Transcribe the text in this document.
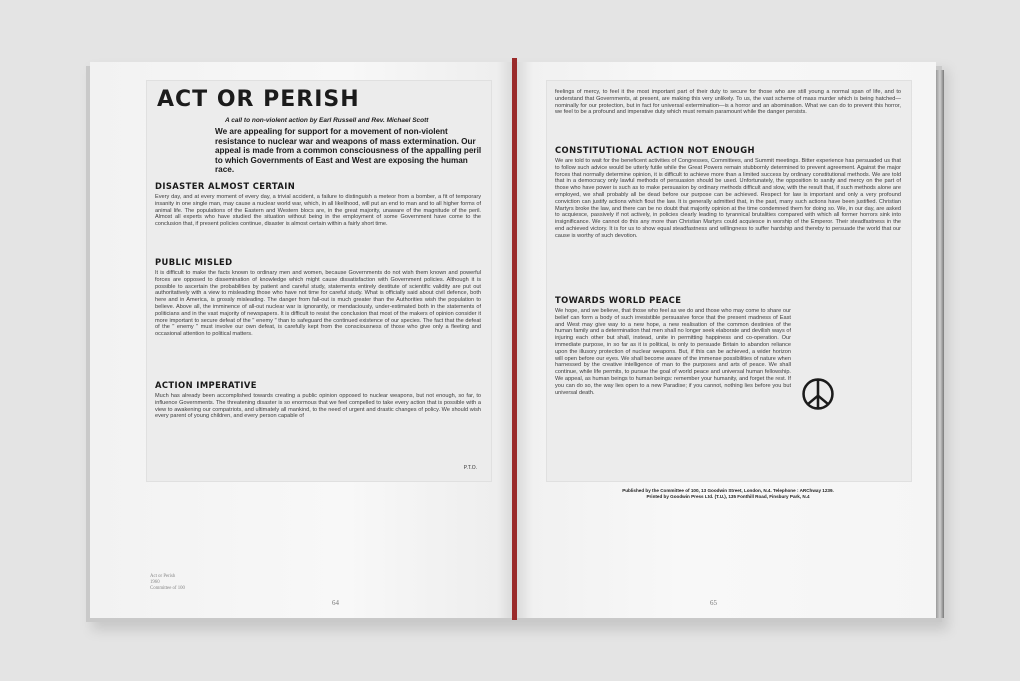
ACT OR PERISH
A call to non-violent action by Earl Russell and Rev. Michael Scott
We are appealing for support for a movement of non-violent resistance to nuclear war and weapons of mass extermination. Our appeal is made from a common consciousness of the appalling peril to which Governments of East and West are exposing the human race.
DISASTER ALMOST CERTAIN
Every day, and at every moment of every day, a trivial accident, a failure to distinguish a meteor from a bomber, a fit of temporary insanity in one single man, may cause a nuclear world war, which, in all likelihood, will put an end to man and to all higher forms of animal life. The populations of the Eastern and Western blocs are, in the great majority, unaware of the magnitude of the peril. Almost all experts who have studied the situation without being in the employment of some Government have come to the conclusion that, if present policies continue, disaster is almost certain within a fairly short time.
PUBLIC MISLED
It is difficult to make the facts known to ordinary men and women, because Governments do not wish them known and powerful forces are opposed to dissemination of knowledge which might cause dissatisfaction with Government policies. Although it is possible to ascertain the probabilities by patient and careful study, statements entirely destitute of scientific validity are put out authoritatively with a view to misleading those who have not time for careful study. What is officially said about civil defence, both here and in America, is grossly misleading. The danger from fall-out is much greater than the Authorities wish the population to believe. Above all, the imminence of all-out nuclear war is ignorantly, or mendaciously, under-estimated both in the statements of politicians and in the vast majority of newspapers. It is difficult to resist the conclusion that most of the makers of opinion consider it more important to secure defeat of the " enemy " than to safeguard the continued existence of our species. The fact that the defeat of the " enemy " must involve our own defeat, is carefully kept from the consciousness of those who give only a fleeting and occasional attention to political matters.
ACTION IMPERATIVE
Much has already been accomplished towards creating a public opinion opposed to nuclear weapons, but not enough, so far, to influence Governments. The threatening disaster is so enormous that we feel compelled to take every action that is possible with a view to awakening our compatriots, and ultimately all mankind, to the need of urgent and drastic changes of policy. We should wish every parent of young children, and every person capable of
P.T.O.
Act or Perish
1960
Committee of 100
64
feelings of mercy, to feel it the most important part of their duty to secure for those who are still young a normal span of life, and to understand that Governments, at present, are making this very unlikely. To us, the vast scheme of mass murder which is being hatched—nominally for our protection, but in fact for universal extermination—is a horror and an abomination. What we can do to prevent this horror, we feel to be a profound and imperative duty which must remain paramount while the danger persists.
CONSTITUTIONAL ACTION NOT ENOUGH
We are told to wait for the beneficent activities of Congresses, Committees, and Summit meetings. Bitter experience has persuaded us that to follow such advice would be utterly futile while the Great Powers remain stubbornly determined to prevent agreement. Against the major forces that normally determine opinion, it is difficult to achieve more than a limited success by ordinary constitutional methods. We are told that in a democracy only lawful methods of persuasion should be used. Unfortunately, the opposition to sanity and mercy on the part of those who have power is such as to make persuasion by ordinary methods difficult and slow, with the result that, if such methods alone are employed, we shall probably all be dead before our purpose can be achieved. Respect for law is important and only a very profound conviction can justify actions which flout the law. It is generally admitted that, in the past, many such actions have been justified. Christian Martyrs broke the law, and there can be no doubt that majority opinion at the time condemned them for doing so. We, in our day, are asked to acquiesce, passively if not actively, in policies clearly leading to tyrannical brutalities compared with which all former horrors sink into insignificance. We cannot do this any more than Christian Martyrs could acquiesce in worship of the Emperor. Their steadfastness in the end achieved victory. It is for us to show equal steadfastness and willingness to suffer hardship and thereby to persuade the world that our cause is worthy of such devotion.
TOWARDS WORLD PEACE
We hope, and we believe, that those who feel as we do and those who may come to share our belief can form a body of such irresistible persuasive force that the present madness of East and West may give way to a new hope, a new realisation of the common destinies of the human family and a determination that men shall no longer seek elaborate and devilish ways of injuring each other but shall, instead, unite in permitting happiness and co-operation. Our immediate purpose, in so far as it is political, is only to persuade Britain to abandon reliance upon the illusory protection of nuclear weapons. But, if this can be achieved, a wider horizon will open before our eyes. We shall become aware of the immense possibilities of nature when harnessed by the creative intelligence of man to the purposes and arts of peace. We shall continue, while life permits, to pursue the goal of world peace and universal human fellowship. We appeal, as human beings to human beings: remember your humanity, and forget the rest. If you can do so, the way lies open to a new Paradise; if you cannot, nothing lies before you but universal death.
Published by the Committee of 100, 13 Goodwin Street, London, N.4. Telephone : ARChway 1239.
Printed by Goodwin Press Ltd. (T.U.), 135 Fonthill Road, Finsbury Park, N.4
65
